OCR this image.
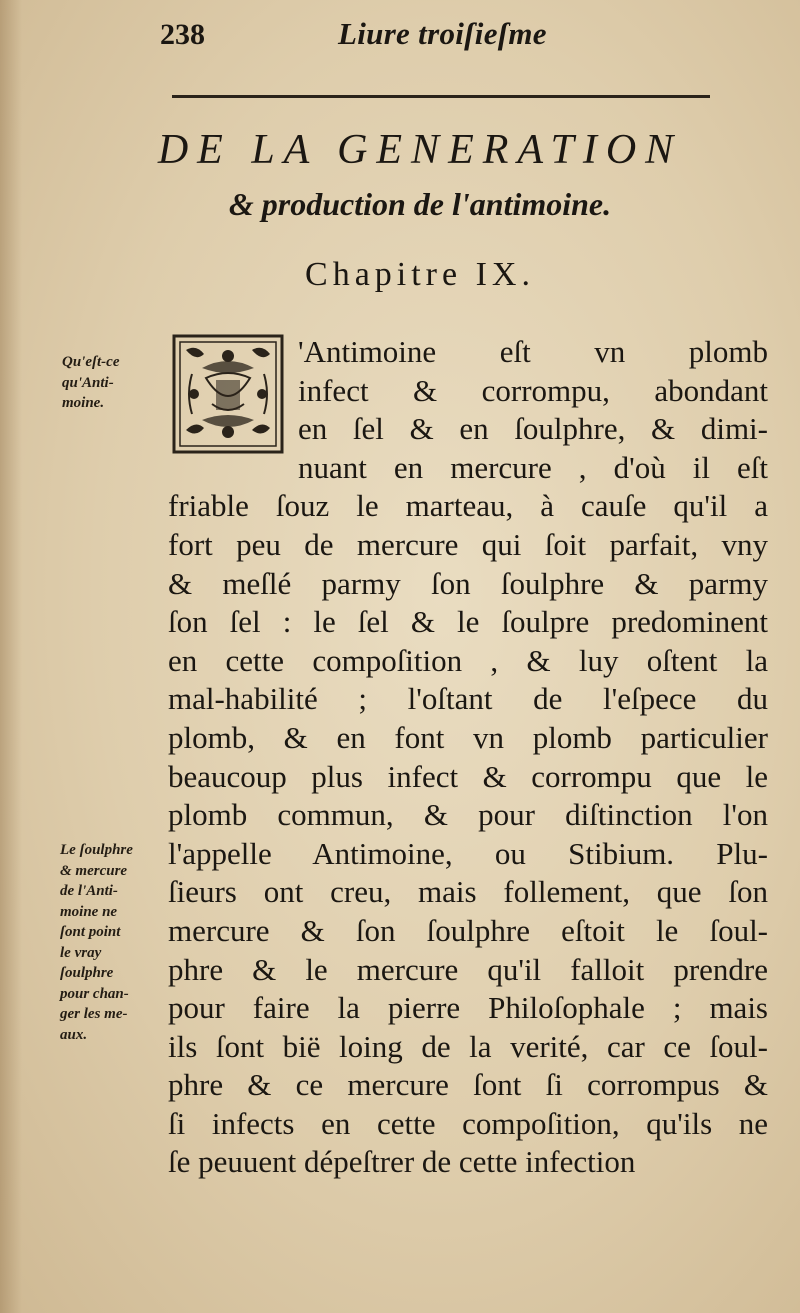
238	Liure troiſieſme
DE LA GENERATION
& production de l'antimoine.
Chapitre IX.
Qu'eſt-ce
qu'Anti-
moine.
Le ſoulphre
& mercure
de l'Anti-
moine ne
ſont point
le vray
ſoulphre
pour chan-
ger les me-
aux.
'Antimoine eſt vn plomb
infect & corrompu, abondant
en ſel & en ſoulphre, & dimi-
nuant en mercure , d'où il eſt
friable ſouz le marteau, à cauſe qu'il a
fort peu de mercure qui ſoit parfait, vny
& meſlé parmy ſon ſoulphre & parmy
ſon ſel : le ſel & le ſoulpre predominent
en cette compoſition , & luy oſtent la
mal-habilité ; l'oſtant de l'eſpece du
plomb, & en font vn plomb particulier
beaucoup plus infect & corrompu que le
plomb commun, & pour diſtinction l'on
l'appelle Antimoine, ou Stibium. Plu-
ſieurs ont creu, mais follement, que ſon
mercure & ſon ſoulphre eſtoit le ſoul-
phre & le mercure qu'il falloit prendre
pour faire la pierre Philoſophale ; mais
ils ſont bië loing de la verité, car ce ſoul-
phre & ce mercure ſont ſi corrompus &
ſi infects en cette compoſition, qu'ils ne
ſe peuuent dépeſtrer de cette infection
